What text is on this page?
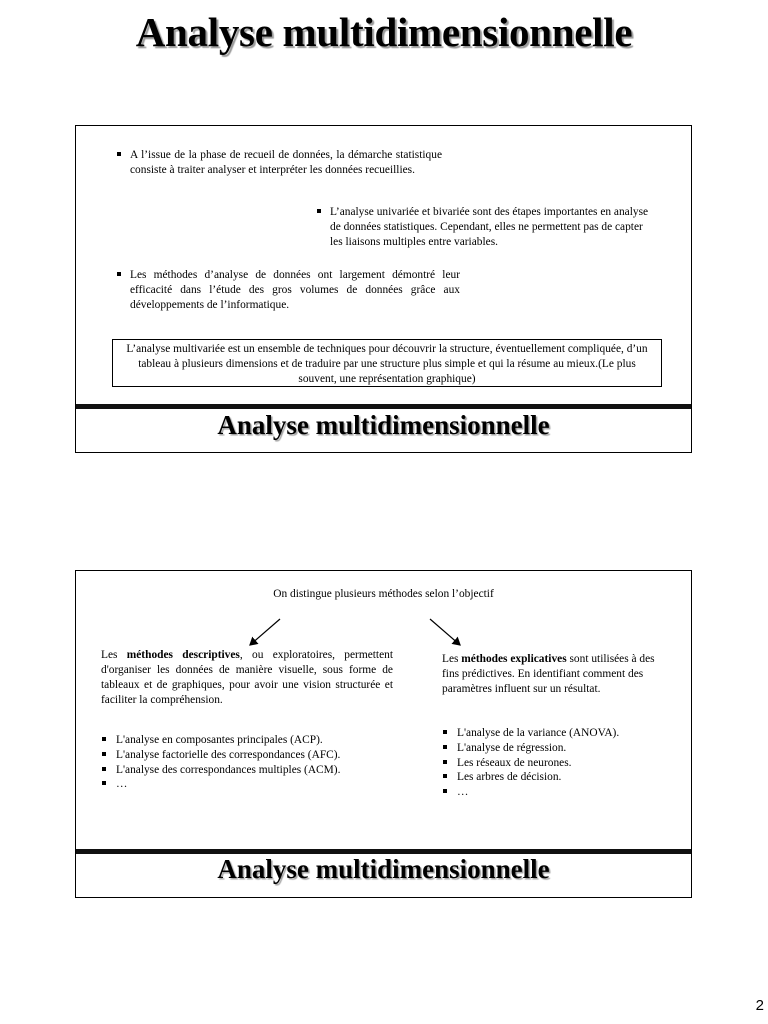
Analyse multidimensionnelle
A l’issue de la phase de recueil de données, la démarche statistique consiste à traiter analyser et interpréter les données recueillies.
L’analyse univariée et bivariée sont des étapes importantes en analyse de données statistiques. Cependant, elles ne permettent pas de capter les liaisons multiples entre variables.
Les méthodes d’analyse de données ont largement démontré leur efficacité dans l’étude des gros volumes de données grâce aux développements de l’informatique.
L’analyse multivariée est un ensemble de techniques pour découvrir la structure, éventuellement compliquée, d’un tableau à plusieurs dimensions et de traduire par une structure plus simple et qui la résume au mieux.(Le plus souvent, une représentation graphique)
Analyse multidimensionnelle
On distingue plusieurs méthodes selon l’objectif
Les méthodes descriptives, ou exploratoires, permettent d'organiser les données de manière visuelle, sous forme de tableaux et de graphiques, pour avoir une vision structurée et faciliter la compréhension.
L'analyse en composantes principales (ACP).
L'analyse factorielle des correspondances (AFC).
L'analyse des correspondances multiples (ACM).
…
Les méthodes explicatives sont utilisées à des fins prédictives. En identifiant comment des paramètres influent sur un résultat.
L'analyse de la variance (ANOVA).
L'analyse de régression.
Les réseaux de neurones.
Les arbres de décision.
…
Analyse multidimensionnelle
2
